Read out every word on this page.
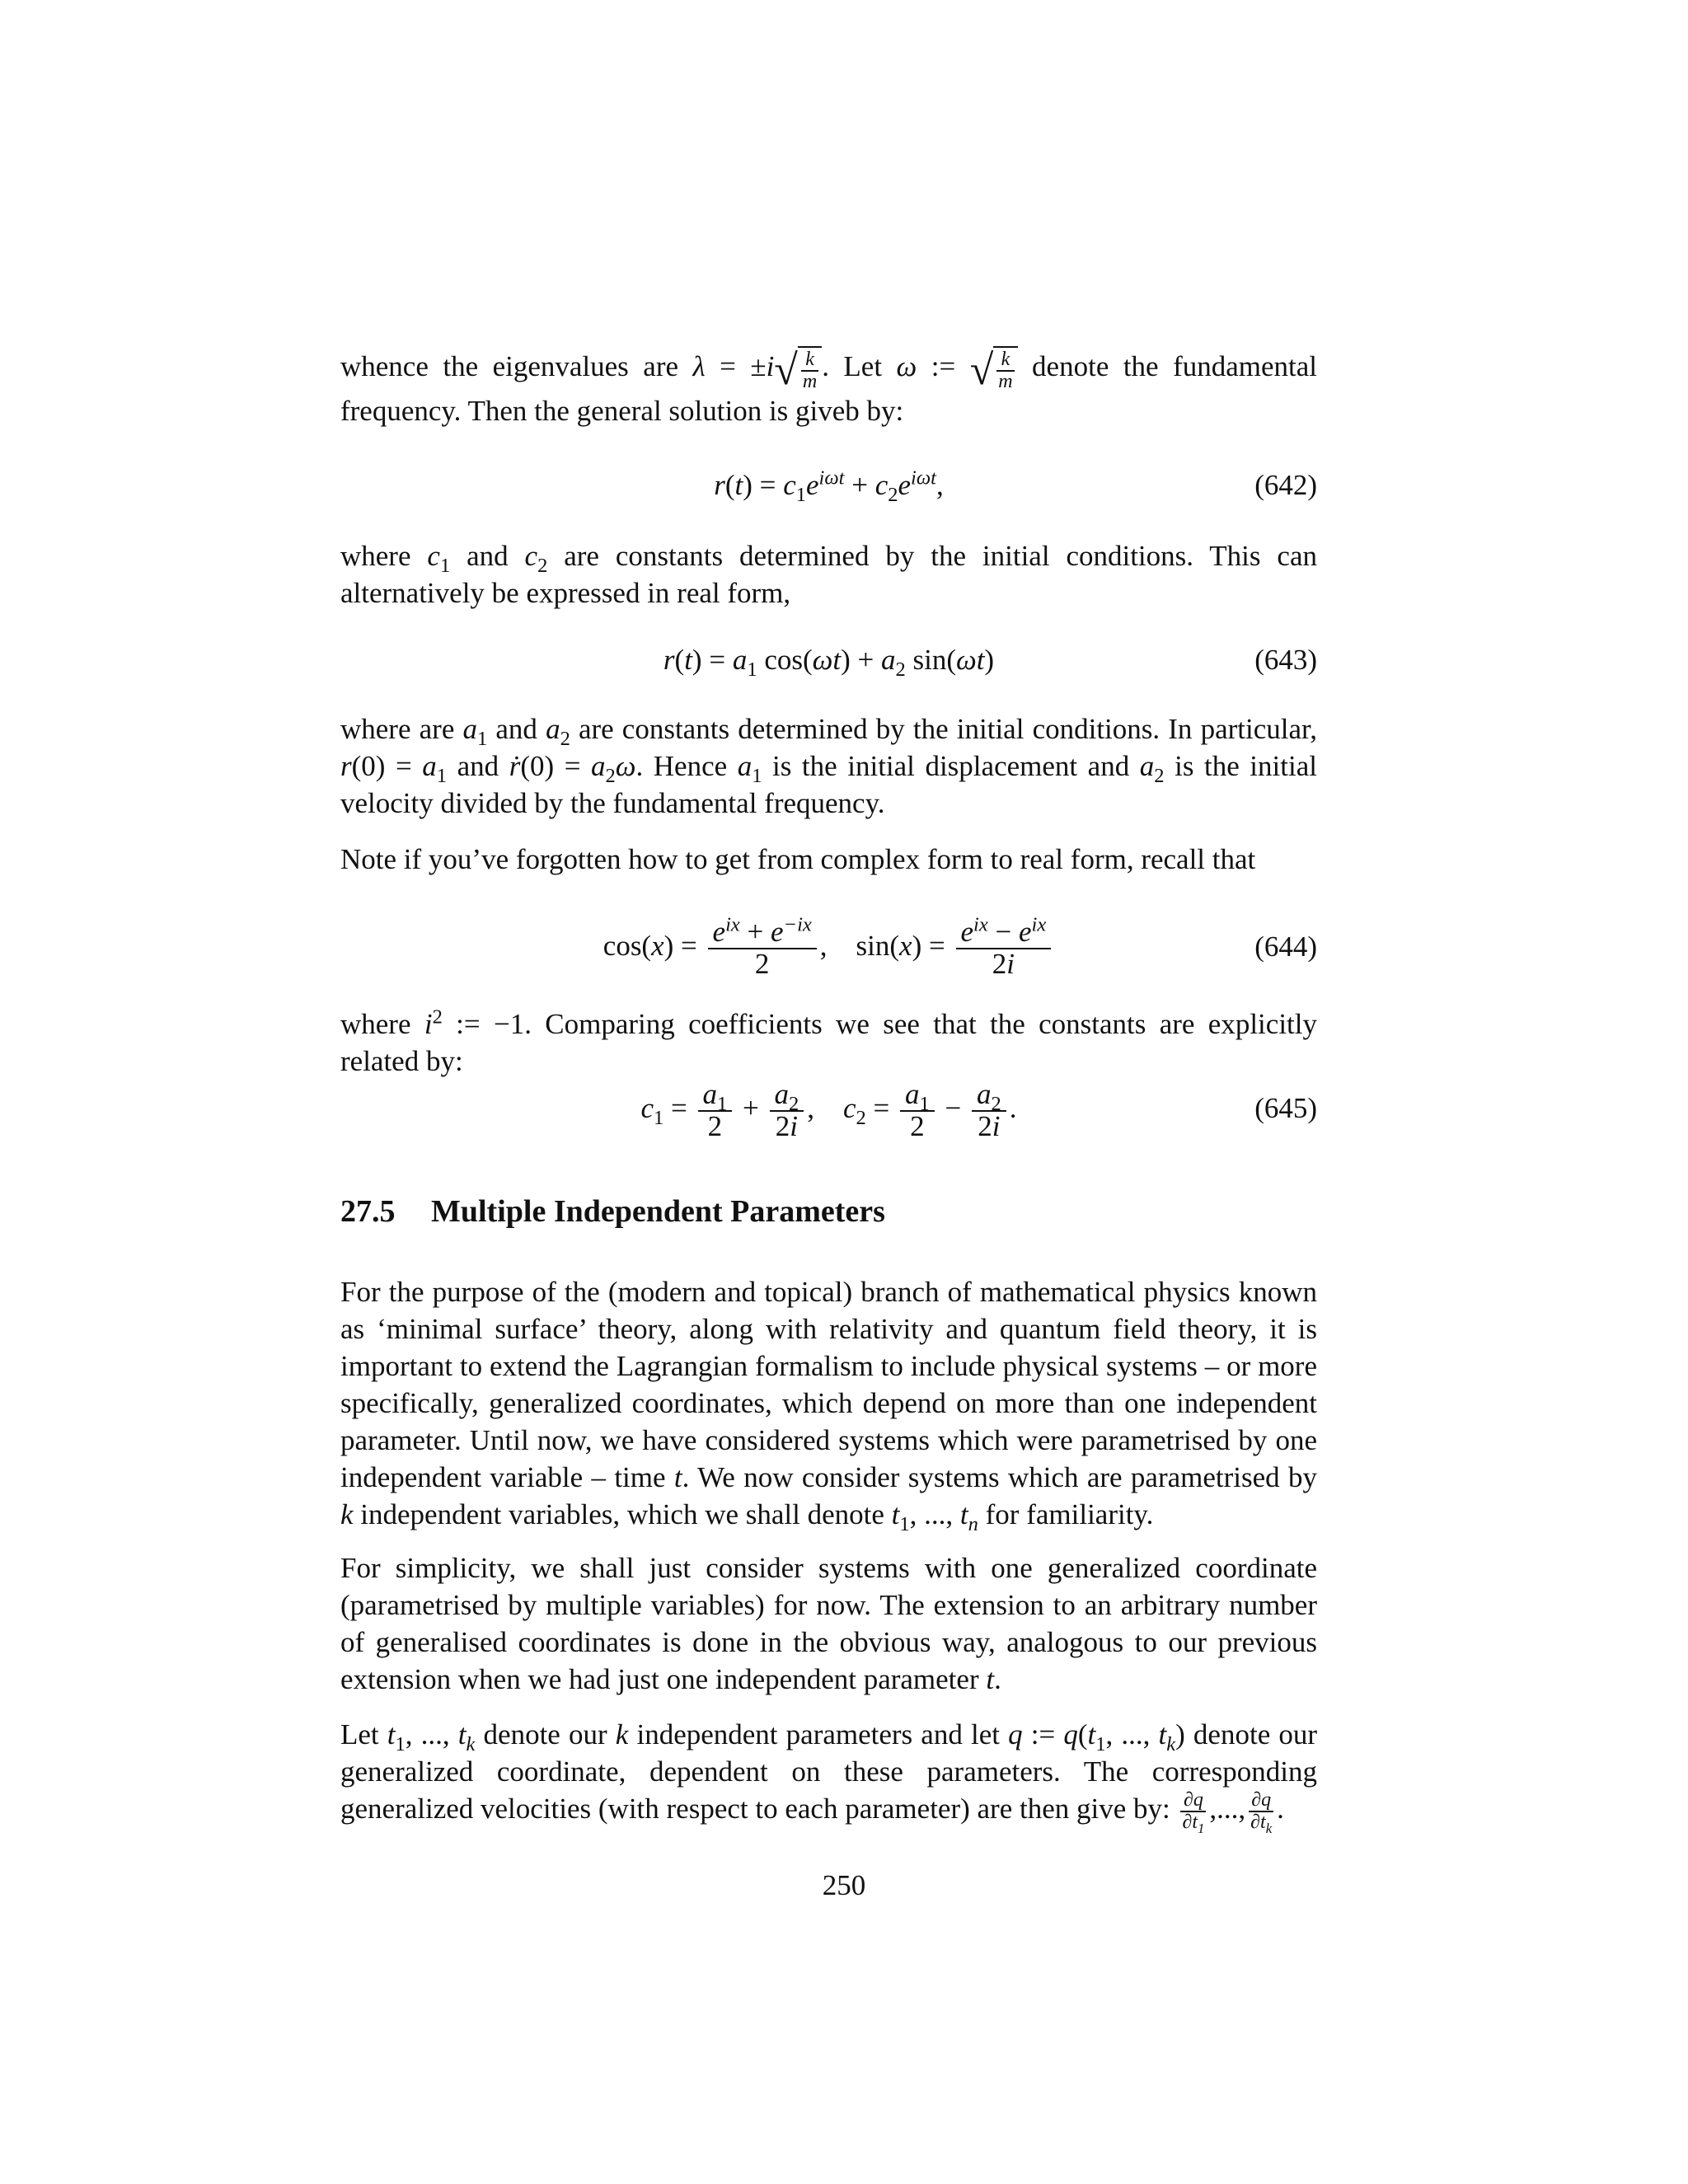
whence the eigenvalues are λ = ±i √ $\frac{k}{m}$ . Let ω := √ $\frac{k}{m}$ denote the fundamental frequency. Then the general solution is giveb by:

$r(t) = c_1e^{i\omega t} + c_2e^{i\omega t}$,	(642)

where $c_1$ and $c_2$ are constants determined by the initial conditions. This can alternatively be expressed in real form,

$r(t) = a_1$ $\cos(\omega t) + a_2$ sin(ωt)	(643)

where are $a_1$ and $a_2$ are constants determined by the initial conditions. In particular, $r(0) = a_1$ and ṙ(0) = $a_2\omega$. Hence $a_1$ is the initial displacement and $a_2$ is the initial velocity divided by the fundamental frequency.

Note if you’ve forgotten how to get from complex form to real form, recall that

$\cos(x) = \frac{e^{ix} + e^{-ix}}{2}$ ,    $\sin(x) = \frac{e^{ix} - e^{ix}}{2i}$	(644)

where $i^2$ := −1. Comparing coefficients we see that the constants are explicitly related by:

$c_1 = \frac{a_1}{2} + \frac{a_2}{2i}$ ,    $c_2 = \frac{a_1}{2} - \frac{a_2}{2i}$ .	(645)
27.5 Multiple Independent Parameters

For the purpose of the (modern and topical) branch of mathematical physics known as ‘minimal surface’ theory, along with relativity and quantum field theory, it is important to extend the Lagrangian formalism to include physical systems – or more specifically, generalized coordinates, which depend on more than one independent parameter. Until now, we have considered systems which were parametrised by one independent variable – time t. We now consider systems which are parametrised by k independent variables, which we shall denote $t_1$, ..., $t_n$ for familiarity.

For simplicity, we shall just consider systems with one generalized coordinate (parametrised by multiple variables) for now. The extension to an arbitrary number of generalised coordinates is done in the obvious way, analogous to our previous extension when we had just one independent parameter t.

Let $t_1$, ..., $t_k$ denote our k independent parameters and let q := $q(t_1$, ..., $t_k$) denote our generalized coordinate, dependent on these parameters. The corresponding generalized velocities (with respect to each parameter) are then give by: $\frac{\partial q}{\partial t_1}$ ,..., $\frac{\partial q}{\partial t_k}$ .

250
